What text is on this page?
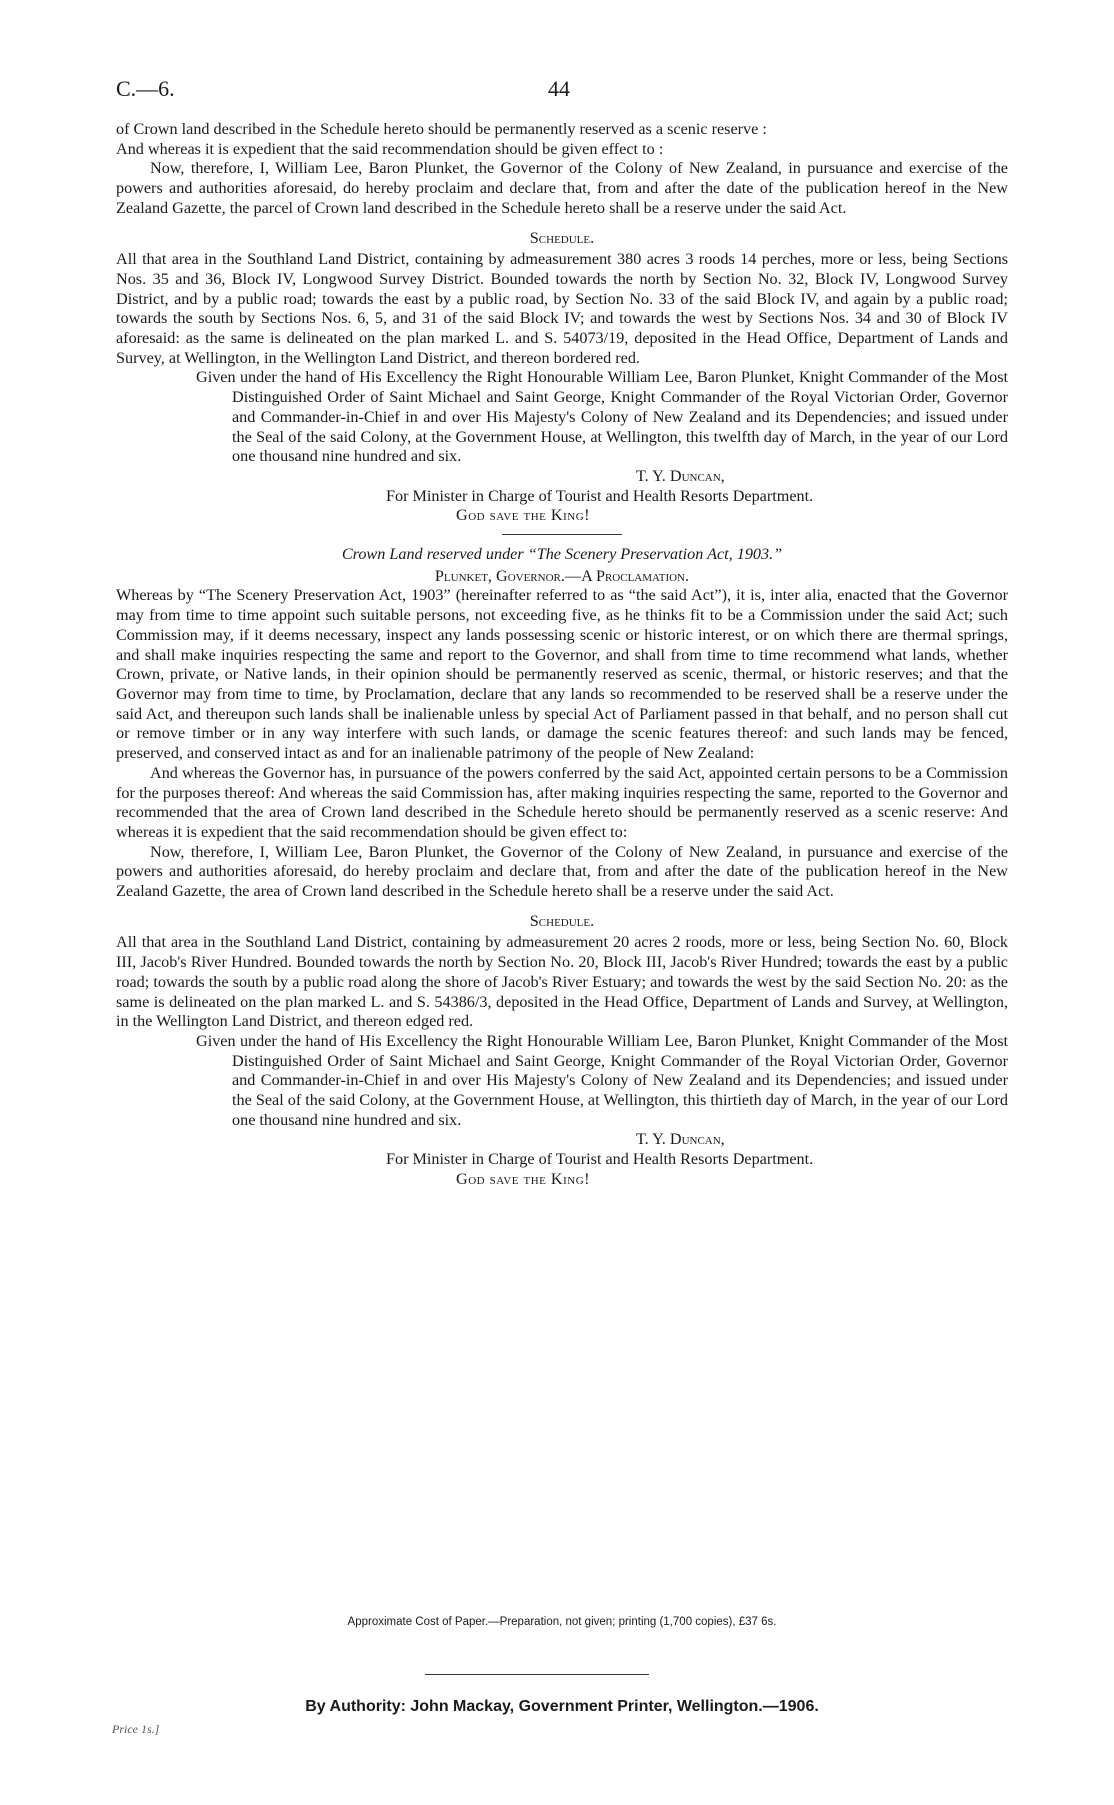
C.—6.	44

of Crown land described in the Schedule hereto should be permanently reserved as a scenic reserve :

And whereas it is expedient that the said recommendation should be given effect to :

Now, therefore, I, William Lee, Baron Plunket, the Governor of the Colony of New Zealand, in pursuance and exercise of the powers and authorities aforesaid, do hereby proclaim and declare that, from and after the date of the publication hereof in the New Zealand Gazette, the parcel of Crown land described in the Schedule hereto shall be a reserve under the said Act.

Schedule.

All that area in the Southland Land District, containing by admeasurement 380 acres 3 roods 14 perches, more or less, being Sections Nos. 35 and 36, Block IV, Longwood Survey District. Bounded towards the north by Section No. 32, Block IV, Longwood Survey District, and by a public road; towards the east by a public road, by Section No. 33 of the said Block IV, and again by a public road; towards the south by Sections Nos. 6, 5, and 31 of the said Block IV; and towards the west by Sections Nos. 34 and 30 of Block IV aforesaid: as the same is delineated on the plan marked L. and S. 54073/19, deposited in the Head Office, Department of Lands and Survey, at Wellington, in the Wellington Land District, and thereon bordered red.

Given under the hand of His Excellency the Right Honourable William Lee, Baron Plunket, Knight Commander of the Most Distinguished Order of Saint Michael and Saint George, Knight Commander of the Royal Victorian Order, Governor and Commander-in-Chief in and over His Majesty's Colony of New Zealand and its Dependencies; and issued under the Seal of the said Colony, at the Government House, at Wellington, this twelfth day of March, in the year of our Lord one thousand nine hundred and six.

T. Y. Duncan,

For Minister in Charge of Tourist and Health Resorts Department.

God save the King!

Crown Land reserved under “The Scenery Preservation Act, 1903.”

Plunket, Governor.—A Proclamation.

Whereas by “The Scenery Preservation Act, 1903” (hereinafter referred to as “the said Act”), it is, inter alia, enacted that the Governor may from time to time appoint such suitable persons, not exceeding five, as he thinks fit to be a Commission under the said Act; such Commission may, if it deems necessary, inspect any lands possessing scenic or historic interest, or on which there are thermal springs, and shall make inquiries respecting the same and report to the Governor, and shall from time to time recommend what lands, whether Crown, private, or Native lands, in their opinion should be permanently reserved as scenic, thermal, or historic reserves; and that the Governor may from time to time, by Proclamation, declare that any lands so recommended to be reserved shall be a reserve under the said Act, and thereupon such lands shall be inalienable unless by special Act of Parliament passed in that behalf, and no person shall cut or remove timber or in any way interfere with such lands, or damage the scenic features thereof: and such lands may be fenced, preserved, and conserved intact as and for an inalienable patrimony of the people of New Zealand:

And whereas the Governor has, in pursuance of the powers conferred by the said Act, appointed certain persons to be a Commission for the purposes thereof: And whereas the said Commission has, after making inquiries respecting the same, reported to the Governor and recommended that the area of Crown land described in the Schedule hereto should be permanently reserved as a scenic reserve: And whereas it is expedient that the said recommendation should be given effect to:

Now, therefore, I, William Lee, Baron Plunket, the Governor of the Colony of New Zealand, in pursuance and exercise of the powers and authorities aforesaid, do hereby proclaim and declare that, from and after the date of the publication hereof in the New Zealand Gazette, the area of Crown land described in the Schedule hereto shall be a reserve under the said Act.

Schedule.

All that area in the Southland Land District, containing by admeasurement 20 acres 2 roods, more or less, being Section No. 60, Block III, Jacob's River Hundred. Bounded towards the north by Section No. 20, Block III, Jacob's River Hundred; towards the east by a public road; towards the south by a public road along the shore of Jacob's River Estuary; and towards the west by the said Section No. 20: as the same is delineated on the plan marked L. and S. 54386/3, deposited in the Head Office, Department of Lands and Survey, at Wellington, in the Wellington Land District, and thereon edged red.

Given under the hand of His Excellency the Right Honourable William Lee, Baron Plunket, Knight Commander of the Most Distinguished Order of Saint Michael and Saint George, Knight Commander of the Royal Victorian Order, Governor and Commander-in-Chief in and over His Majesty's Colony of New Zealand and its Dependencies; and issued under the Seal of the said Colony, at the Government House, at Wellington, this thirtieth day of March, in the year of our Lord one thousand nine hundred and six.

T. Y. Duncan,

For Minister in Charge of Tourist and Health Resorts Department.

God save the King!

Approximate Cost of Paper.—Preparation, not given; printing (1,700 copies), £37 6s.
By Authority: John Mackay, Government Printer, Wellington.—1906.
Price 1s.]
